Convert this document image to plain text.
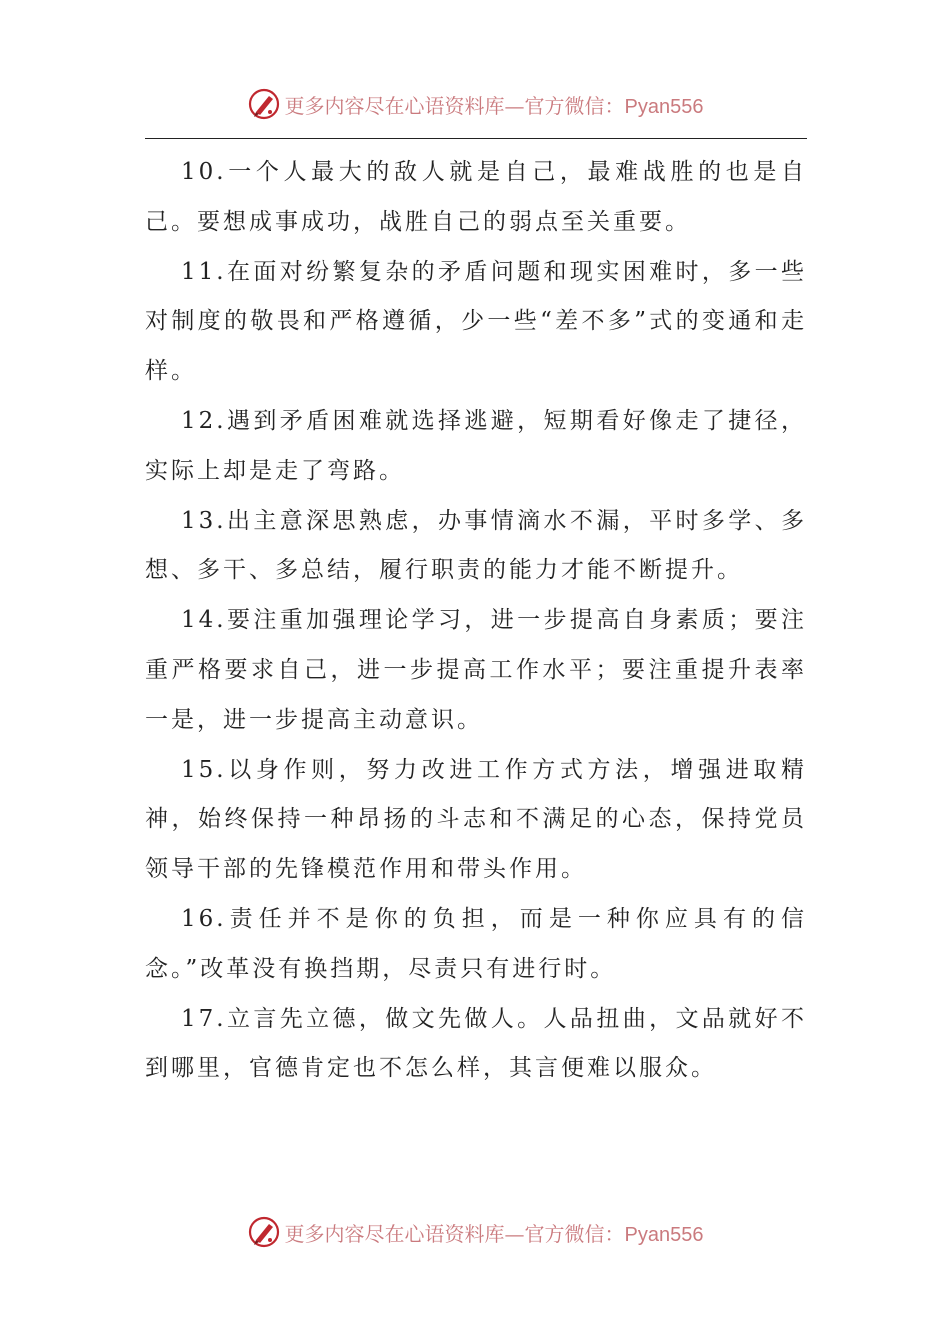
更多内容尽在心语资料库—官方微信：Pyan556

10.一个人最大的敌人就是自己，最难战胜的也是自己。要想成事成功，战胜自己的弱点至关重要。

11.在面对纷繁复杂的矛盾问题和现实困难时，多一些对制度的敬畏和严格遵循，少一些“差不多”式的变通和走样。

12.遇到矛盾困难就选择逃避，短期看好像走了捷径，实际上却是走了弯路。

13.出主意深思熟虑，办事情滴水不漏，平时多学、多想、多干、多总结，履行职责的能力才能不断提升。

14.要注重加强理论学习，进一步提高自身素质；要注重严格要求自己，进一步提高工作水平；要注重提升表率一是，进一步提高主动意识。

15.以身作则，努力改进工作方式方法，增强进取精神，始终保持一种昂扬的斗志和不满足的心态，保持党员领导干部的先锋模范作用和带头作用。

16.责任并不是你的负担，而是一种你应具有的信念。”改革没有换挡期，尽责只有进行时。

17.立言先立德，做文先做人。人品扭曲，文品就好不到哪里，官德肯定也不怎么样，其言便难以服众。

更多内容尽在心语资料库—官方微信：Pyan556
